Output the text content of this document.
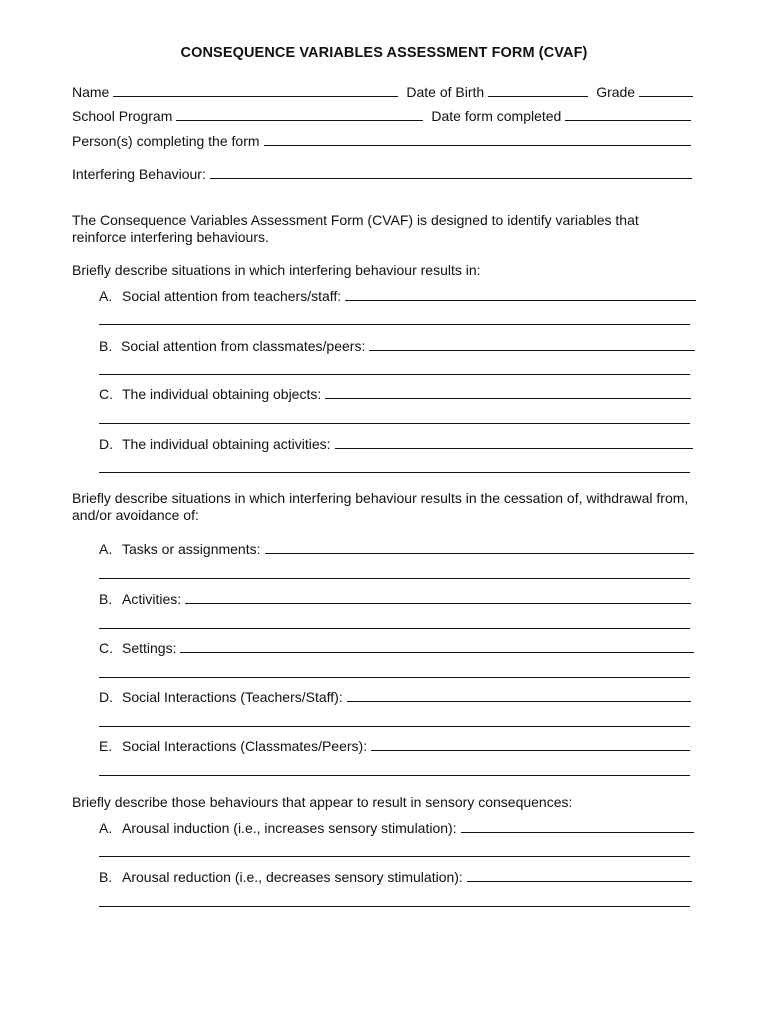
CONSEQUENCE VARIABLES ASSESSMENT FORM (CVAF)
Name	Date of Birth	Grade
School Program	Date form completed
Person(s) completing the form
Interfering Behaviour:
The Consequence Variables Assessment Form (CVAF) is designed to identify variables that reinforce interfering behaviours.
Briefly describe situations in which interfering behaviour results in:
A. Social attention from teachers/staff:
B. Social attention from classmates/peers:
C. The individual obtaining objects:
D. The individual obtaining activities:
Briefly describe situations in which interfering behaviour results in the cessation of, withdrawal from, and/or avoidance of:
A. Tasks or assignments:
B. Activities:
C. Settings:
D. Social Interactions (Teachers/Staff):
E. Social Interactions (Classmates/Peers):
Briefly describe those behaviours that appear to result in sensory consequences:
A. Arousal induction (i.e., increases sensory stimulation):
B. Arousal reduction (i.e., decreases sensory stimulation):
